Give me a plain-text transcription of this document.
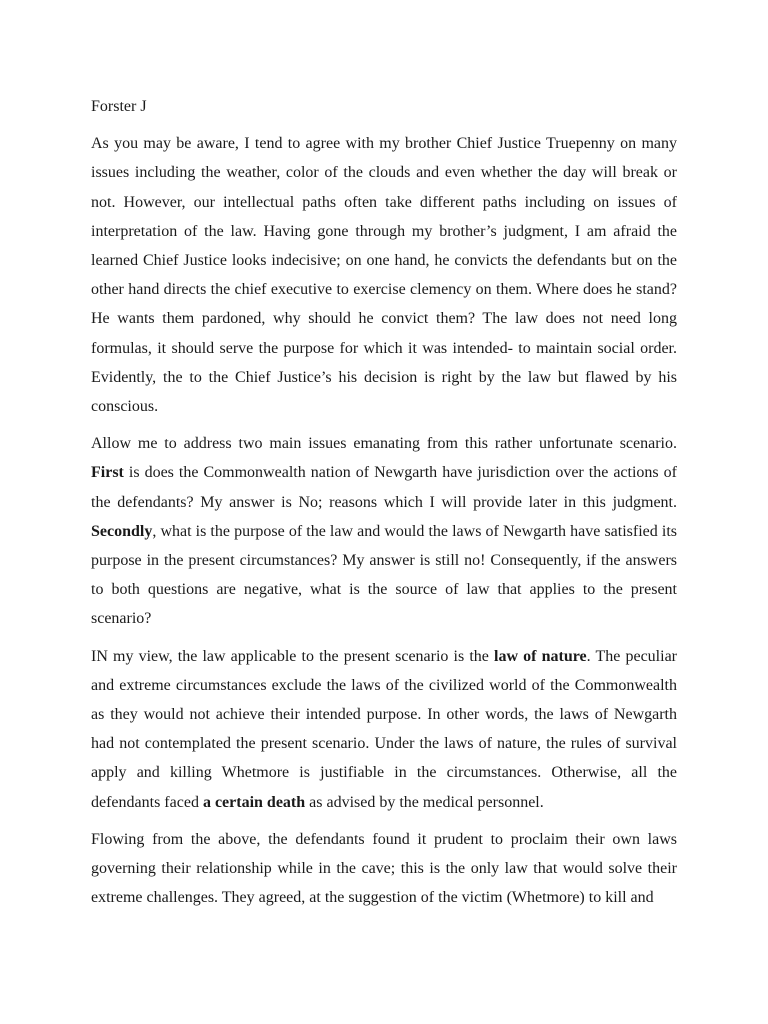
Forster J

As you may be aware, I tend to agree with my brother Chief Justice Truepenny on many issues including the weather, color of the clouds and even whether the day will break or not. However, our intellectual paths often take different paths including on issues of interpretation of the law. Having gone through my brother’s judgment, I am afraid the learned Chief Justice looks indecisive; on one hand, he convicts the defendants but on the other hand directs the chief executive to exercise clemency on them. Where does he stand? He wants them pardoned, why should he convict them? The law does not need long formulas, it should serve the purpose for which it was intended- to maintain social order. Evidently, the to the Chief Justice’s his decision is right by the law but flawed by his conscious.

Allow me to address two main issues emanating from this rather unfortunate scenario. First is does the Commonwealth nation of Newgarth have jurisdiction over the actions of the defendants? My answer is No; reasons which I will provide later in this judgment. Secondly, what is the purpose of the law and would the laws of Newgarth have satisfied its purpose in the present circumstances? My answer is still no! Consequently, if the answers to both questions are negative, what is the source of law that applies to the present scenario?

IN my view, the law applicable to the present scenario is the law of nature. The peculiar and extreme circumstances exclude the laws of the civilized world of the Commonwealth as they would not achieve their intended purpose. In other words, the laws of Newgarth had not contemplated the present scenario. Under the laws of nature, the rules of survival apply and killing Whetmore is justifiable in the circumstances. Otherwise, all the defendants faced a certain death as advised by the medical personnel.

Flowing from the above, the defendants found it prudent to proclaim their own laws governing their relationship while in the cave; this is the only law that would solve their extreme challenges. They agreed, at the suggestion of the victim (Whetmore) to kill and
